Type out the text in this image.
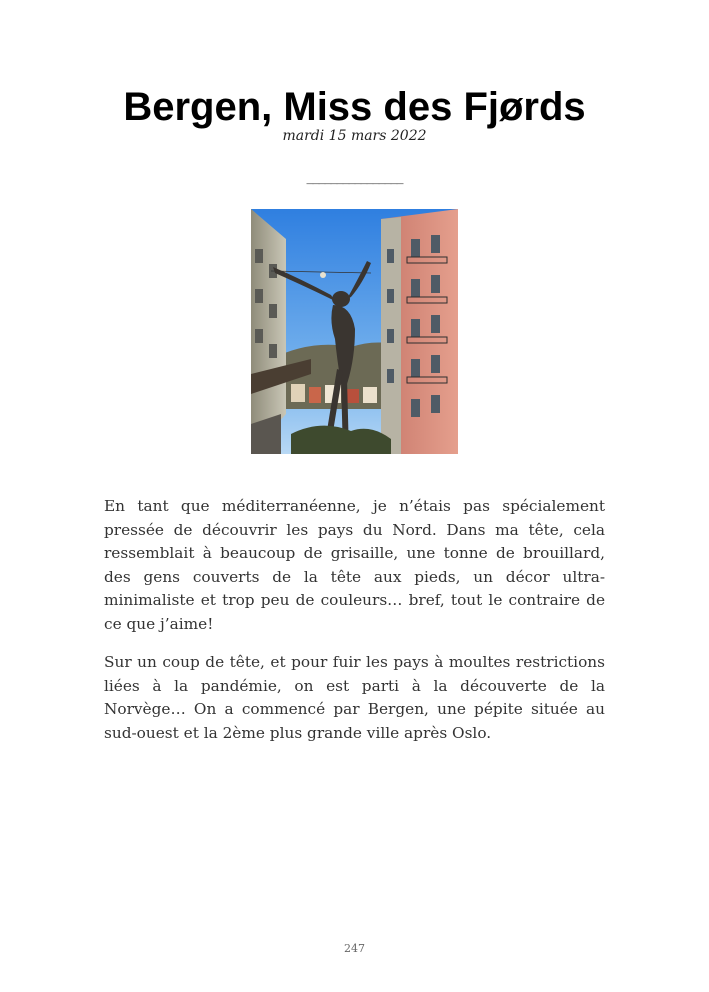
Bergen, Miss des Fjørds
mardi 15 mars 2022
________________

En tant que méditerranéenne, je n’étais pas spécialement pressée de découvrir les pays du Nord. Dans ma tête, cela ressemblait à beaucoup de grisaille, une tonne de brouillard, des gens couverts de la tête aux pieds, un décor ultra-minimaliste et trop peu de couleurs… bref, tout le contraire de ce que j’aime!

Sur un coup de tête, et pour fuir les pays à moultes restrictions liées à la pandémie, on est parti à la découverte de la Norvège… On a commencé par Bergen, une pépite située au sud-ouest et la 2ème plus grande ville après Oslo.

247
